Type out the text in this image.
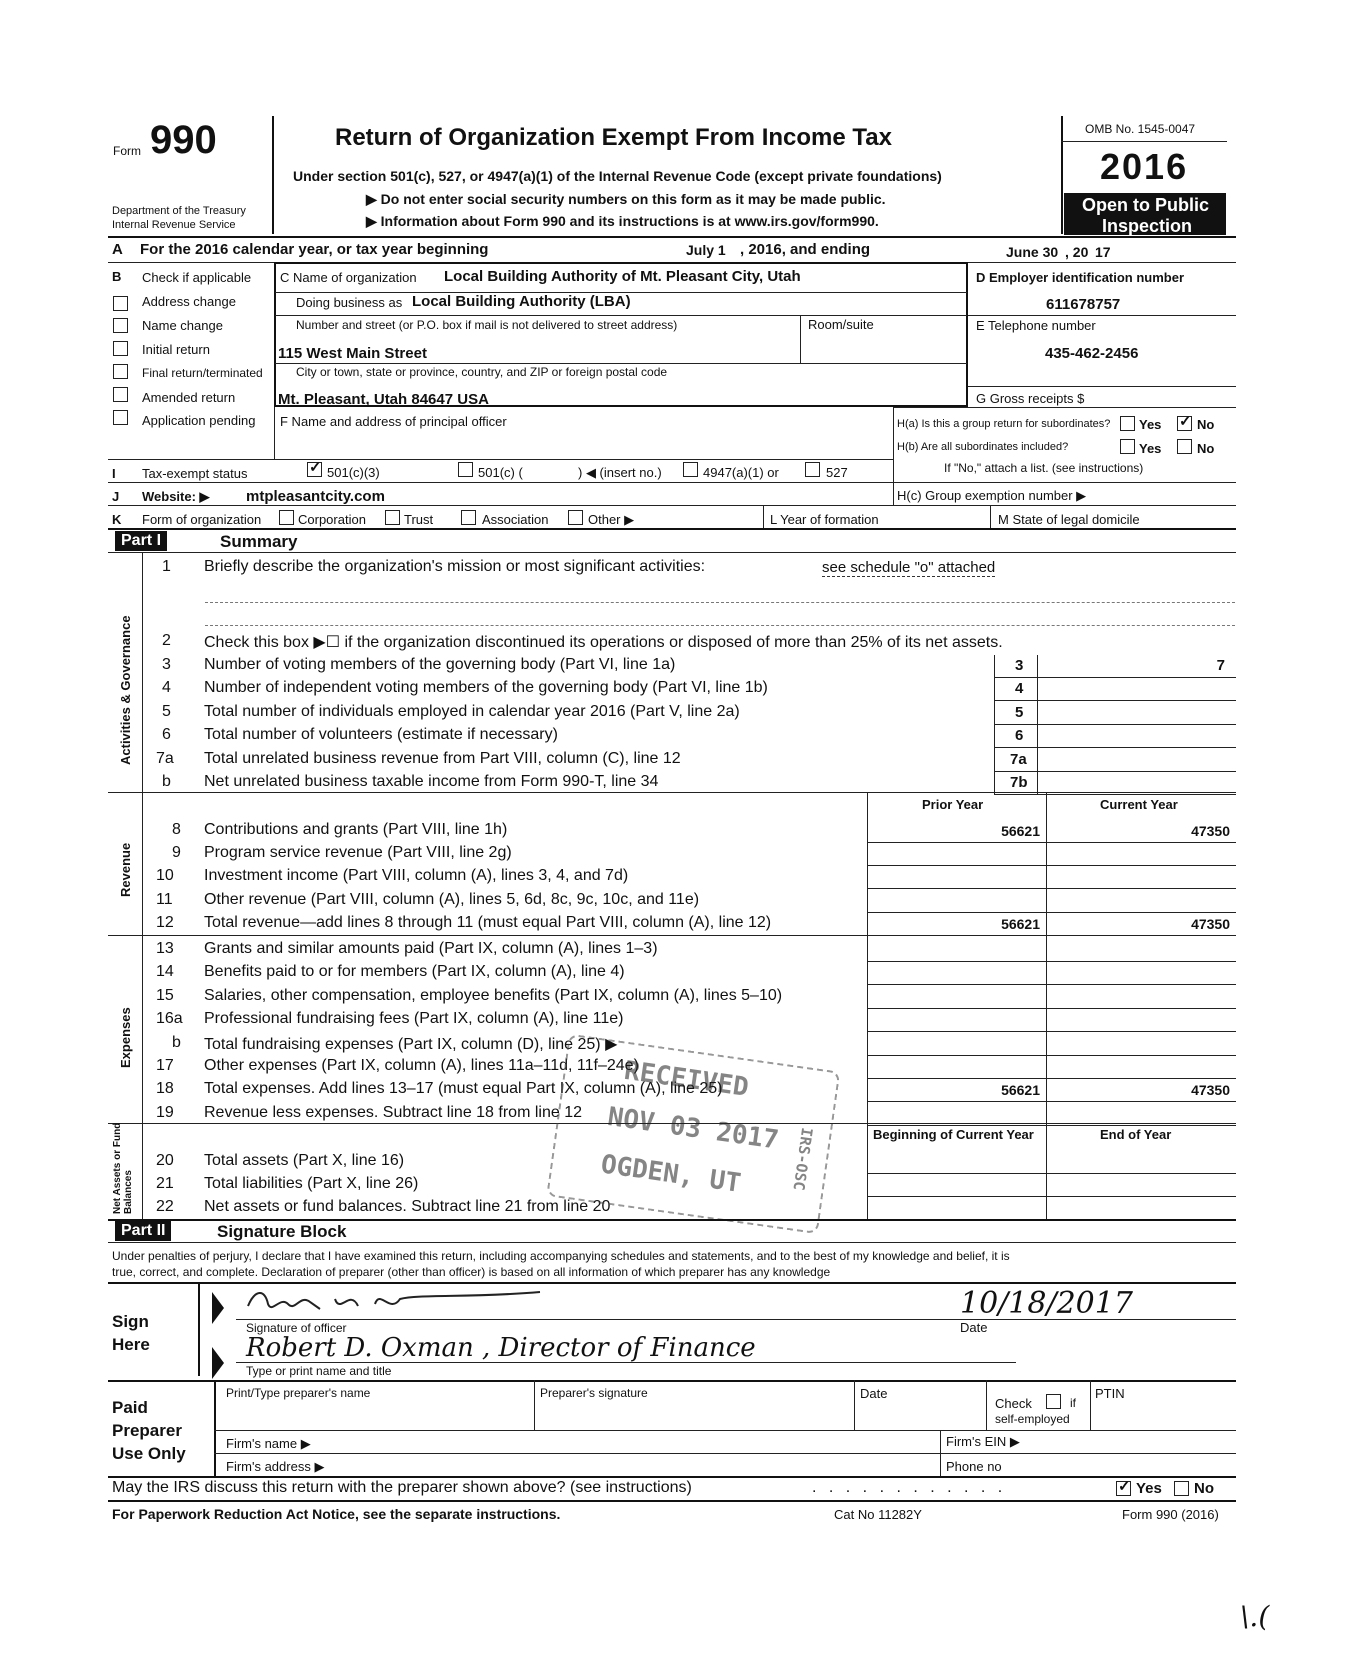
Form 990
Department of the Treasury
Internal Revenue Service
Return of Organization Exempt From Income Tax
Under section 501(c), 527, or 4947(a)(1) of the Internal Revenue Code (except private foundations)
▶ Do not enter social security numbers on this form as it may be made public.
▶ Information about Form 990 and its instructions is at www.irs.gov/form990.
OMB No. 1545-0047
2016
Open to Public
Inspection
A For the 2016 calendar year, or tax year beginning	July 1 , 2016, and ending	June 30 , 20 17
B Check if applicable
Address change
Name change
Initial return
Final return/terminated
Amended return
Application pending
C Name of organization Local Building Authority of Mt. Pleasant City, Utah
Doing business as Local Building Authority (LBA)
Number and street (or P.O. box if mail is not delivered to street address)	Room/suite
115 West Main Street
City or town, state or province, country, and ZIP or foreign postal code
Mt. Pleasant, Utah 84647 USA
F Name and address of principal officer
D Employer identification number
611678757
E Telephone number
435-462-2456
G Gross receipts $
H(a) Is this a group return for subordinates? Yes ✓	No
H(b) Are all subordinates included?	Yes	No
If "No," attach a list. (see instructions)
H(c) Group exemption number ▶
I Tax-exempt status ✓	501(c)(3)	501(c) (	) ◀ (insert no.)	4947(a)(1) or	527
J Website: ▶ mtpleasantcity.com
K Form of organization	Corporation	Trust	Association	Other ▶	L Year of formation	M State of legal domicile
Part I	Summary
Activities & Governance
1 Briefly describe the organization's mission or most significant activities:	see schedule "o" attached
2 Check this box ▶☐ if the organization discontinued its operations or disposed of more than 25% of its net assets.
3 Number of voting members of the governing body (Part VI, line 1a)	3	7
4 Number of independent voting members of the governing body (Part VI, line 1b)	4
5 Total number of individuals employed in calendar year 2016 (Part V, line 2a)	5
6 Total number of volunteers (estimate if necessary)	6
7a Total unrelated business revenue from Part VIII, column (C), line 12	7a
b Net unrelated business taxable income from Form 990-T, line 34	7b
Prior Year	Current Year
Revenue
8 Contributions and grants (Part VIII, line 1h)	56621	47350
9 Program service revenue (Part VIII, line 2g)
10 Investment income (Part VIII, column (A), lines 3, 4, and 7d)
11 Other revenue (Part VIII, column (A), lines 5, 6d, 8c, 9c, 10c, and 11e)
12 Total revenue—add lines 8 through 11 (must equal Part VIII, column (A), line 12)	56621	47350
Expenses
13 Grants and similar amounts paid (Part IX, column (A), lines 1–3)
14 Benefits paid to or for members (Part IX, column (A), line 4)
15 Salaries, other compensation, employee benefits (Part IX, column (A), lines 5–10)
16a Professional fundraising fees (Part IX, column (A), line 11e)
b Total fundraising expenses (Part IX, column (D), line 25) ▶
17 Other expenses (Part IX, column (A), lines 11a–11d, 11f–24e)
18 Total expenses. Add lines 13–17 (must equal Part IX, column (A), line 25)	56621	47350
19 Revenue less expenses. Subtract line 18 from line 12
Beginning of Current Year	End of Year
Net Assets or Fund Balances
20 Total assets (Part X, line 16)
21 Total liabilities (Part X, line 26)
22 Net assets or fund balances. Subtract line 21 from line 20
RECEIVED
NOV 03 2017
OGDEN, UT	IRS-OSC
Part II	Signature Block
Under penalties of perjury, I declare that I have examined this return, including accompanying schedules and statements, and to the best of my knowledge and belief, it is
true, correct, and complete. Declaration of preparer (other than officer) is based on all information of which preparer has any knowledge
Sign
Here
Signature of officer
10/18/2017
Date
Robert D. Oxman , Director of Finance
Type or print name and title
Paid
Preparer
Use Only
Print/Type preparer's name	Preparer's signature	Date
Check	if
self-employed
PTIN
Firm's name ▶	Firm's EIN ▶
Firm's address ▶	Phone no
May the IRS discuss this return with the preparer shown above? (see instructions)	. . . . . . . . . . . . ✓	Yes No
For Paperwork Reduction Act Notice, see the separate instructions.	Cat No 11282Y	Form 990 (2016)
\.(
